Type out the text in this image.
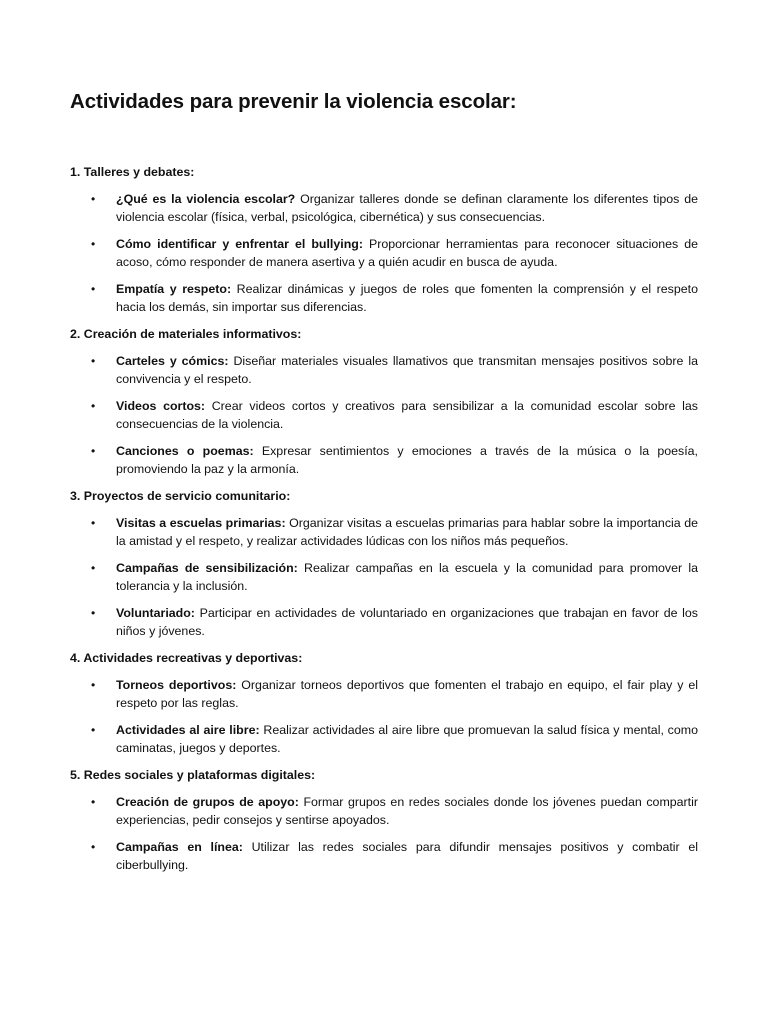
Actividades para prevenir la violencia escolar:

1. Talleres y debates:

• ¿Qué es la violencia escolar? Organizar talleres donde se definan claramente los diferentes tipos de violencia escolar (física, verbal, psicológica, cibernética) y sus consecuencias.
• Cómo identificar y enfrentar el bullying: Proporcionar herramientas para reconocer situaciones de acoso, cómo responder de manera asertiva y a quién acudir en busca de ayuda.
• Empatía y respeto: Realizar dinámicas y juegos de roles que fomenten la comprensión y el respeto hacia los demás, sin importar sus diferencias.

2. Creación de materiales informativos:

• Carteles y cómics: Diseñar materiales visuales llamativos que transmitan mensajes positivos sobre la convivencia y el respeto.
• Videos cortos: Crear videos cortos y creativos para sensibilizar a la comunidad escolar sobre las consecuencias de la violencia.
• Canciones o poemas: Expresar sentimientos y emociones a través de la música o la poesía, promoviendo la paz y la armonía.

3. Proyectos de servicio comunitario:

• Visitas a escuelas primarias: Organizar visitas a escuelas primarias para hablar sobre la importancia de la amistad y el respeto, y realizar actividades lúdicas con los niños más pequeños.
• Campañas de sensibilización: Realizar campañas en la escuela y la comunidad para promover la tolerancia y la inclusión.
• Voluntariado: Participar en actividades de voluntariado en organizaciones que trabajan en favor de los niños y jóvenes.

4. Actividades recreativas y deportivas:

• Torneos deportivos: Organizar torneos deportivos que fomenten el trabajo en equipo, el fair play y el respeto por las reglas.
• Actividades al aire libre: Realizar actividades al aire libre que promuevan la salud física y mental, como caminatas, juegos y deportes.

5. Redes sociales y plataformas digitales:

• Creación de grupos de apoyo: Formar grupos en redes sociales donde los jóvenes puedan compartir experiencias, pedir consejos y sentirse apoyados.
• Campañas en línea: Utilizar las redes sociales para difundir mensajes positivos y combatir el ciberbullying.
